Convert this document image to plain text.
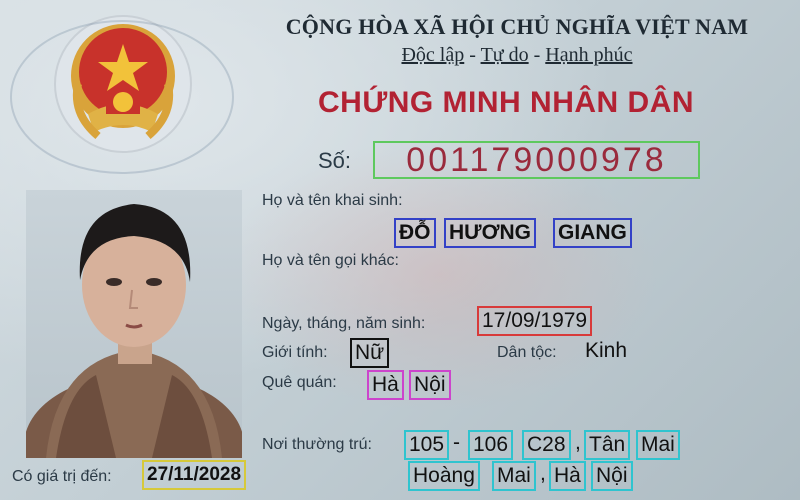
CỘNG HÒA XÃ HỘI CHỦ NGHĨA VIỆT NAM
Độc lập - Tự do - Hạnh phúc
CHỨNG MINH NHÂN DÂN
Số:	001179000978
Họ và tên khai sinh:
ĐỖ HƯƠNG GIANG
Họ và tên gọi khác:
Ngày, tháng, năm sinh:	17/09/1979
Giới tính: Nữ	Dân tộc: Kinh
Quê quán: Hà Nội
Nơi thường trú: 105 - 106 C28 , Tân Mai
Hoàng Mai , Hà Nội
Có giá trị đến: 27/11/2028
